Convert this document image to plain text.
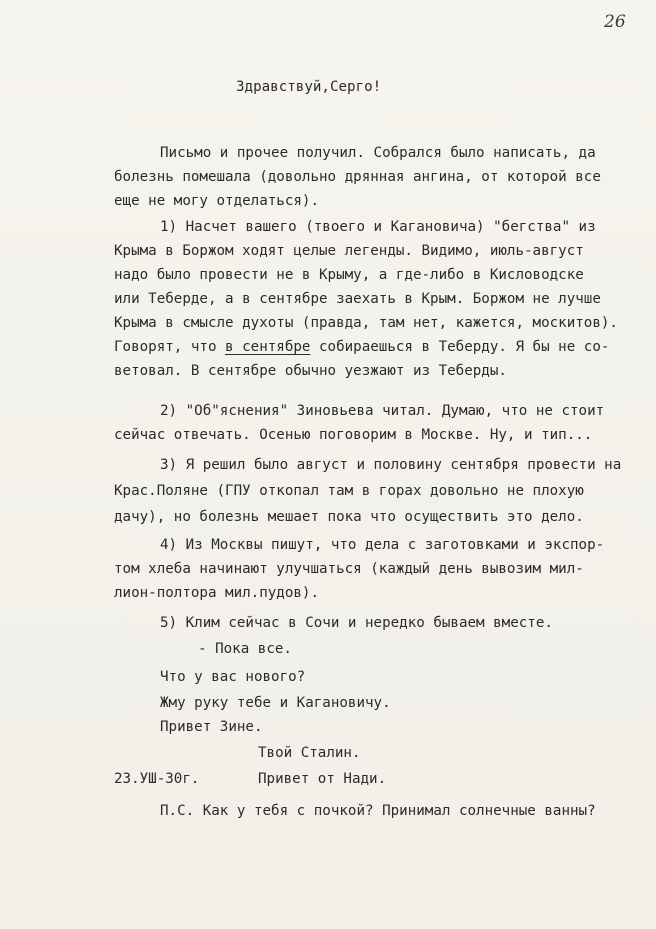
26
Здравствуй,Серго!
Письмо и прочее получил. Собрался было написать, да
болезнь помешала (довольно дрянная ангина, от которой все
еще не могу отделаться).
1) Насчет вашего (твоего и Кагановича) "бегства" из
Крыма в Боржом ходят целые легенды. Видимо, июль-август
надо было провести не в Крыму, а где-либо в Кисловодске
или Теберде, а в сентябре заехать в Крым. Боржом не лучше
Крыма в смысле духоты (правда, там нет, кажется, москитов).
Говорят, что в сентябре собираешься в Теберду. Я бы не со-
ветовал. В сентябре обычно уезжают из Теберды.
2) "Об"яснения" Зиновьева читал. Думаю, что не стоит
сейчас отвечать. Осенью поговорим в Москве. Ну, и тип...
3) Я решил было август и половину сентября провести на
Крас.Поляне (ГПУ откопал там в горах довольно не плохую
дачу), но болезнь мешает пока что осуществить это дело.
4) Из Москвы пишут, что дела с заготовками и экспор-
том хлеба начинают улучшаться (каждый день вывозим мил-
лион-полтора мил.пудов).
5) Клим сейчас в Сочи и нередко бываем вместе.
- Пока все.
Что у вас нового?
Жму руку тебе и Кагановичу.
Привет Зине.
Твой Сталин.
23.УШ-30г.	Привет от Нади.
П.С. Как у тебя с почкой? Принимал солнечные ванны?
